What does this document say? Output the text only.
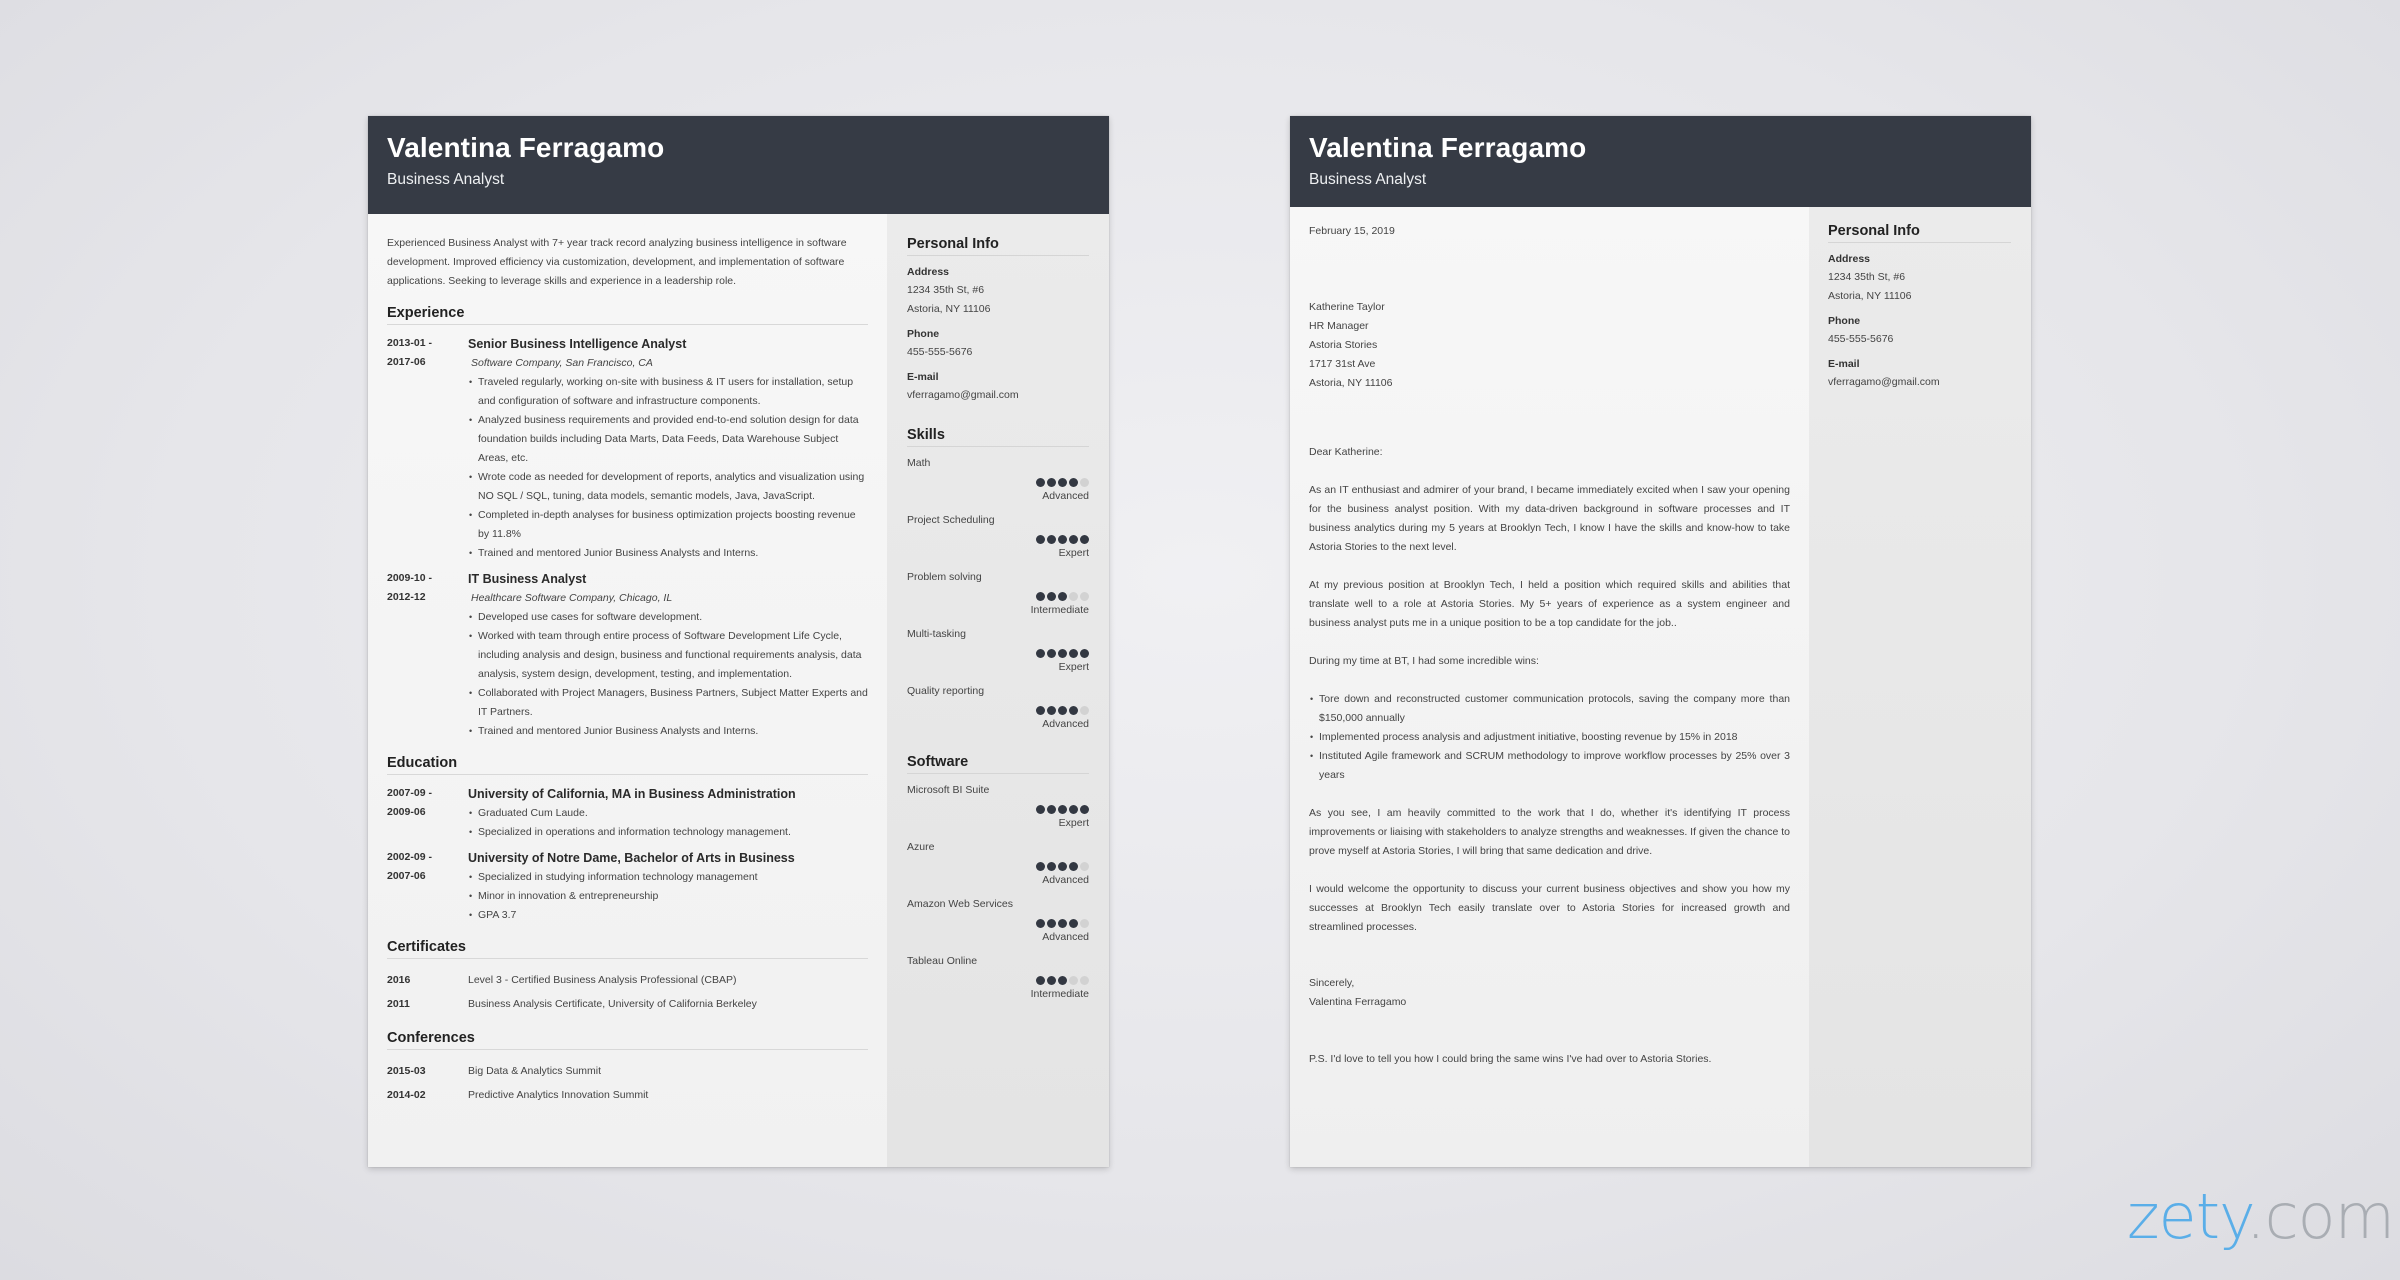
Valentina Ferragamo
Business Analyst
Experienced Business Analyst with 7+ year track record analyzing business intelligence in software development. Improved efficiency via customization, development, and implementation of software applications. Seeking to leverage skills and experience in a leadership role.
Experience
2013-01 -
2017-06
Senior Business Intelligence Analyst
Software Company, San Francisco, CA
• Traveled regularly, working on-site with business & IT users for installation, setup and configuration of software and infrastructure components.
• Analyzed business requirements and provided end-to-end solution design for data foundation builds including Data Marts, Data Feeds, Data Warehouse Subject Areas, etc.
• Wrote code as needed for development of reports, analytics and visualization using NO SQL / SQL, tuning, data models, semantic models, Java, JavaScript.
• Completed in-depth analyses for business optimization projects boosting revenue by 11.8%
• Trained and mentored Junior Business Analysts and Interns.
2009-10 -
2012-12
IT Business Analyst
Healthcare Software Company, Chicago, IL
• Developed use cases for software development.
• Worked with team through entire process of Software Development Life Cycle, including analysis and design, business and functional requirements analysis, data analysis, system design, development, testing, and implementation.
• Collaborated with Project Managers, Business Partners, Subject Matter Experts and IT Partners.
• Trained and mentored Junior Business Analysts and Interns.
Education
2007-09 -
2009-06
University of California, MA in Business Administration
• Graduated Cum Laude.
• Specialized in operations and information technology management.
2002-09 -
2007-06
University of Notre Dame, Bachelor of Arts in Business
• Specialized in studying information technology management
• Minor in innovation & entrepreneurship
• GPA 3.7
Certificates
2016	Level 3 - Certified Business Analysis Professional (CBAP)
2011	Business Analysis Certificate, University of California Berkeley
Conferences
2015-03	Big Data & Analytics Summit
2014-02	Predictive Analytics Innovation Summit
Personal Info
Address
1234 35th St, #6
Astoria, NY 11106
Phone
455-555-5676
E-mail
vferragamo@gmail.com
Skills
Math
Advanced
Project Scheduling
Expert
Problem solving
Intermediate
Multi-tasking
Expert
Quality reporting
Advanced
Software
Microsoft BI Suite
Expert
Azure
Advanced
Amazon Web Services
Advanced
Tableau Online
Intermediate
Valentina Ferragamo
Business Analyst
February 15, 2019
Katherine Taylor
HR Manager
Astoria Stories
1717 31st Ave
Astoria, NY 11106
Dear Katherine:

As an IT enthusiast and admirer of your brand, I became immediately excited when I saw your opening for the business analyst position. With my data-driven background in software processes and IT business analytics during my 5 years at Brooklyn Tech, I know I have the skills and know-how to take Astoria Stories to the next level.

At my previous position at Brooklyn Tech, I held a position which required skills and abilities that translate well to a role at Astoria Stories. My 5+ years of experience as a system engineer and business analyst puts me in a unique position to be a top candidate for the job..

During my time at BT, I had some incredible wins:

• Tore down and reconstructed customer communication protocols, saving the company more than $150,000 annually
• Implemented process analysis and adjustment initiative, boosting revenue by 15% in 2018
• Instituted Agile framework and SCRUM methodology to improve workflow processes by 25% over 3 years

As you see, I am heavily committed to the work that I do, whether it's identifying IT process improvements or liaising with stakeholders to analyze strengths and weaknesses. If given the chance to prove myself at Astoria Stories, I will bring that same dedication and drive.

I would welcome the opportunity to discuss your current business objectives and show you how my successes at Brooklyn Tech easily translate over to Astoria Stories for increased growth and streamlined processes.

Sincerely,
Valentina Ferragamo
P.S. I'd love to tell you how I could bring the same wins I've had over to Astoria Stories.
Personal Info
Address
1234 35th St, #6
Astoria, NY 11106
Phone
455-555-5676
E-mail
vferragamo@gmail.com
zety.com
